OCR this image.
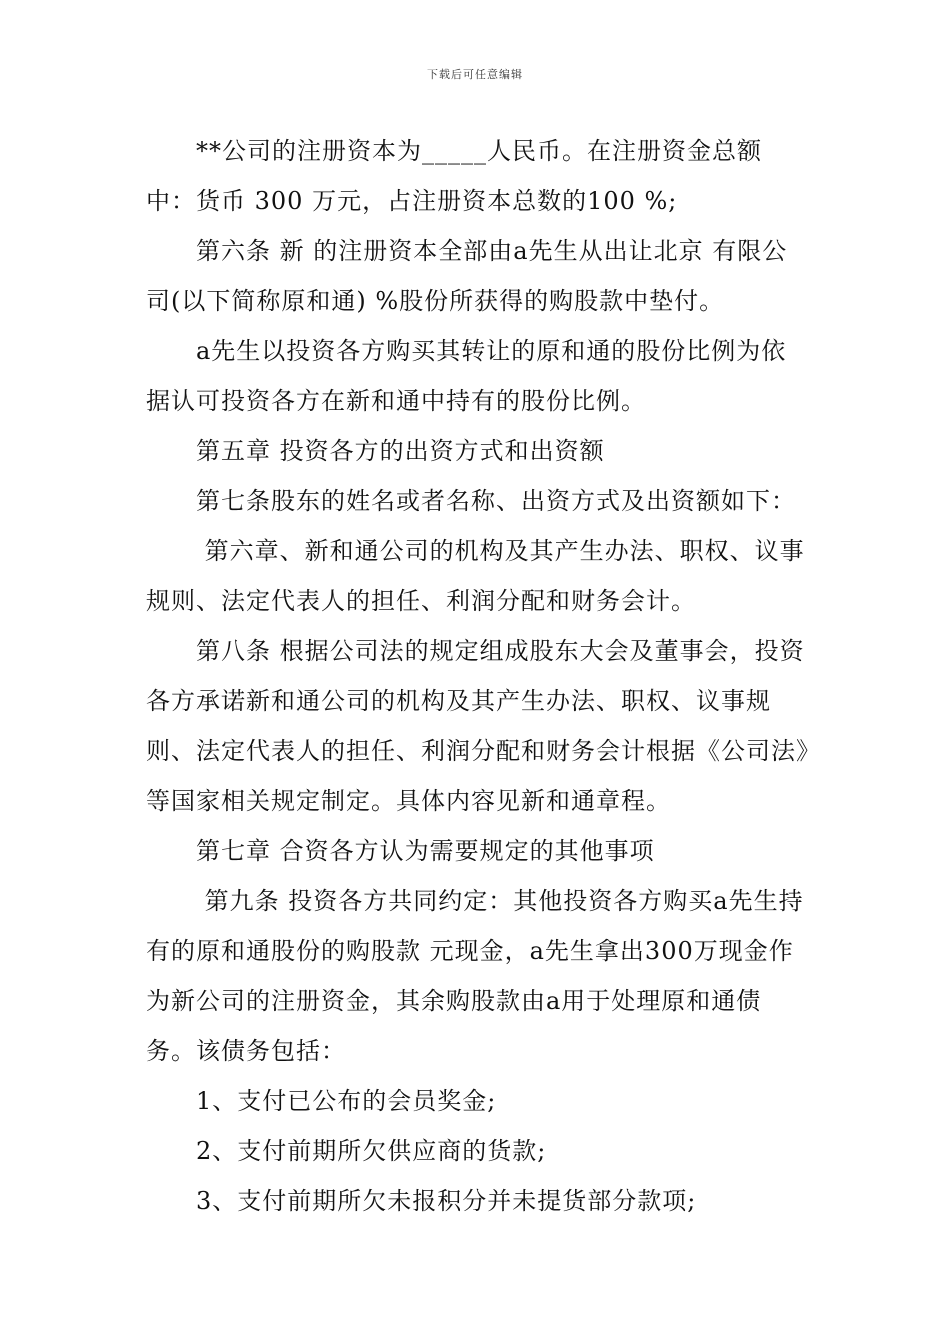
下载后可任意编辑

**公司的注册资本为_____人民币。在注册资金总额中：货币 300 万元，占注册资本总数的100 %;

第六条 新 的注册资本全部由a先生从出让北京 有限公司(以下简称原和通) %股份所获得的购股款中垫付。

a先生以投资各方购买其转让的原和通的股份比例为依据认可投资各方在新和通中持有的股份比例。

第五章 投资各方的出资方式和出资额

第七条股东的姓名或者名称、出资方式及出资额如下：

第六章、新和通公司的机构及其产生办法、职权、议事规则、法定代表人的担任、利润分配和财务会计。

第八条 根据公司法的规定组成股东大会及董事会，投资各方承诺新和通公司的机构及其产生办法、职权、议事规则、法定代表人的担任、利润分配和财务会计根据《公司法》等国家相关规定制定。具体内容见新和通章程。

第七章 合资各方认为需要规定的其他事项

第九条 投资各方共同约定：其他投资各方购买a先生持有的原和通股份的购股款 元现金，a先生拿出300万现金作为新公司的注册资金，其余购股款由a用于处理原和通债务。该债务包括：

1、支付已公布的会员奖金;

2、支付前期所欠供应商的货款;

3、支付前期所欠未报积分并未提货部分款项;
